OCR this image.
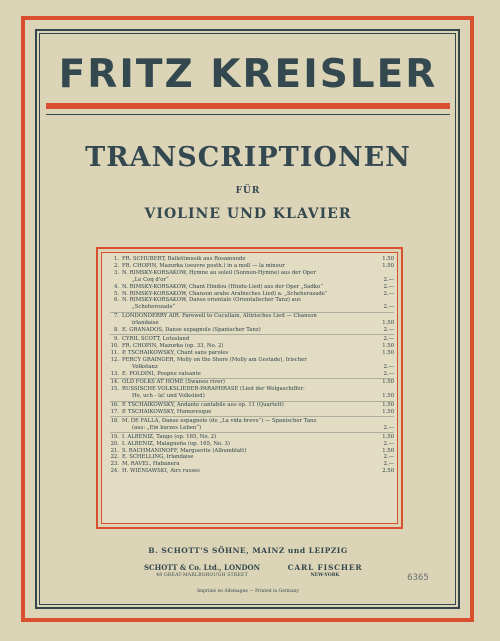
FRITZ KREISLER
TRANSCRIPTIONEN
FÜR
VIOLINE UND KLAVIER
1. FR. SCHUBERT, Ballettmusik aus Rosamunde	1.50
2. FR. CHOPIN, Mazurka (oeuvre posth.) in a moll — la mineur	1.50
3. N. RIMSKY-KORSAKOW, Hymne au soleil (Sonnen-Hymne) aus der Oper
„Le Coq d'or“	2.—
4. N. RIMSKY-KORSAKOW, Chant Hindou (Hindu-Lied) aus der Oper „Sadko“	2.—
5. N. RIMSKY-KORSAKOW, Chanson arabe Arabisches Lied) a. „Scheherazade“	2.—
6. N. RIMSKY-KORSAKOW, Danse orientale (Orientalischer Tanz) aus
„Scheherezade“	2.—
7. LONDONDERRY AIR. Farewell to Cucullain, Altirisches Lied — Chanson
irlandaise	1.50
8. E. GRANADOS, Danse espagnole (Spanischer Tanz)	2.—
9. CYRIL SCOTT, Lotusland	2.—
10. FR. CHOPIN, Mazurka (op. 33, No. 2)	1.50
11. P. TSCHAIKOWSKY, Chant sans paroles	1.50
12. PERCY GRAINGER, Molly on the Shore (Molly am Gestade), Irischer
Volkstanz	2.—
13. E. POLDINI, Poupée valsante	2.—
14. OLD FOLKS AT HOME (Swanee river)	1.50
15. RUSSISCHE VOLKSLIEDER-PARAPHRASE (Lied der Wolgaschiffer:
He, uch - la! und Volkslied)	1.50
16. P. TSCHAIKOWSKY, Andante cantabile aus op. 11 (Quartett)	1.50
17. P. TSCHAIKOWSKY, Humoresque	1.50
18. M. DE FALLA, Danse espagnole (de „La vida breve“) — Spanischer Tanz
(aus: „Ein kurzes Leben“)	2.—
19. I. ALBENIZ, Tango (op. 165, No. 2)	1.50
20. I. ALBENIZ, Malagueña (op. 165, No. 3)	2.—
21. S. RACHMANINOFF, Marguerite (Albumblatt)	1.50
22. E. SCHELLING, Irlandaise	2.—
23. M. RAVEL, Habanera	2.—
24. H. WIENIAWSKI, Airs russes	2.50
B. SCHOTT'S SÖHNE, MAINZ und LEIPZIG
SCHOTT & Co. Ltd., LONDON
48 GREAT-MARLBOROUGH STREET
CARL FISCHER
NEW-YORK	6365
Imprimé en Allemagne — Printed in Germany
